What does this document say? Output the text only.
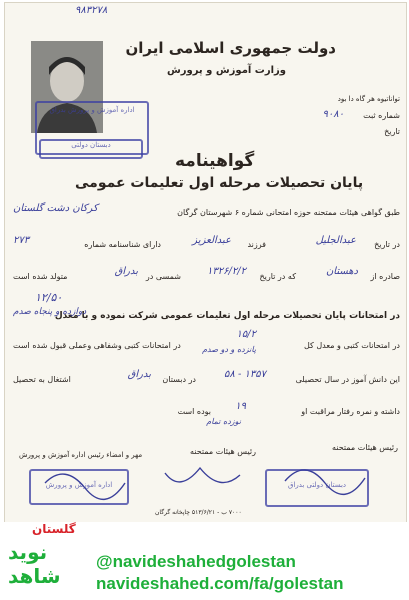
۹۸۳۲۷۸
دولت جمهوری اسلامی ایران
وزارت آموزش و پرورش
تواناتیوه هر گاه دا بود
شماره ثبت
۹۰۸۰
تاریخ
اداره آموزش و پرورش بدراق
دبستان دولتی
گواهینامه
پایان تحصیلات مرحله اول تعلیمات عمومی
طبق گواهی هیئات ممتحنه حوزه امتحانی شماره ۶ شهرستان گرگان
کرکان دشت گلستان
در تاریخ
عبدالجلیل
فرزند
عبدالعزیز
دارای شناسنامه شماره
۲۷۳
صادره از
دهستان
که در تاریخ
۱۳۲۶/۲/۲
شمسی در
بدراق
متولد شده است
۱۲/۵۰
در امتحانات پایان تحصیلات مرحله اول تعلیمات عمومی شرکت نموده و با معدل
دوازده و پنجاه صدم
در امتحانات کتبی و معدل کل
۱۵/۲
پانزده و دو صدم
در امتحانات کتبی وشفاهی وعملی قبول شده است
این دانش آموز در سال تحصیلی
۵۸ - ۱۳۵۷
در دبستان
بدراق
اشتغال به تحصیل
داشته و نمره رفتار مراقبت او
۱۹
نوزده تمام
بوده است
رئیس هیئات ممتحنه
رئیس هیئات ممتحنه
مهر و امضاء رئیس اداره آموزش و پرورش
اداره آموزش و پرورش	دبستان دولتی بدراق
۷۰۰۰ ب - ۵۱۳/۶/۲۱ چاپخانه گرگان
گلستان
نوید شاهد
@navideshahedgolestan
navideshahed.com/fa/golestan
